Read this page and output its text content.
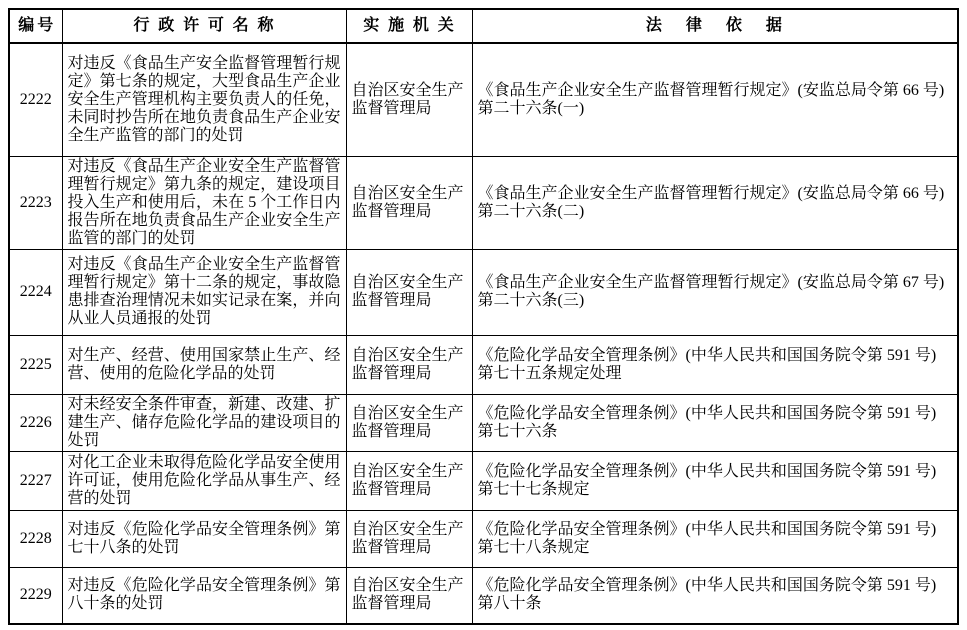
编号	行政许可名称	实施机关	法律依据
2222	对违反《食品生产安全监督管理暂行规定》第七条的规定，大型食品生产企业安全生产管理机构主要负责人的任免，未同时抄告所在地负责食品生产企业安全生产监管的部门的处罚	自治区安全生产监督管理局	《食品生产企业安全生产监督管理暂行规定》(安监总局令第 66 号)第二十六条(一)
2223	对违反《食品生产企业安全生产监督管理暂行规定》第九条的规定，建设项目投入生产和使用后，未在 5 个工作日内报告所在地负责食品生产企业安全生产监管的部门的处罚	自治区安全生产监督管理局	《食品生产企业安全生产监督管理暂行规定》(安监总局令第 66 号)第二十六条(二)
2224	对违反《食品生产企业安全生产监督管理暂行规定》第十二条的规定，事故隐患排查治理情况未如实记录在案，并向从业人员通报的处罚	自治区安全生产监督管理局	《食品生产企业安全生产监督管理暂行规定》(安监总局令第 67 号)第二十六条(三)
2225	对生产、经营、使用国家禁止生产、经营、使用的危险化学品的处罚	自治区安全生产监督管理局	《危险化学品安全管理条例》(中华人民共和国国务院令第 591 号)第七十五条规定处理
2226	对未经安全条件审查，新建、改建、扩建生产、储存危险化学品的建设项目的处罚	自治区安全生产监督管理局	《危险化学品安全管理条例》(中华人民共和国国务院令第 591 号)第七十六条
2227	对化工企业未取得危险化学品安全使用许可证，使用危险化学品从事生产、经营的处罚	自治区安全生产监督管理局	《危险化学品安全管理条例》(中华人民共和国国务院令第 591 号)第七十七条规定
2228	对违反《危险化学品安全管理条例》第七十八条的处罚	自治区安全生产监督管理局	《危险化学品安全管理条例》(中华人民共和国国务院令第 591 号)第七十八条规定
2229	对违反《危险化学品安全管理条例》第八十条的处罚	自治区安全生产监督管理局	《危险化学品安全管理条例》(中华人民共和国国务院令第 591 号)第八十条
